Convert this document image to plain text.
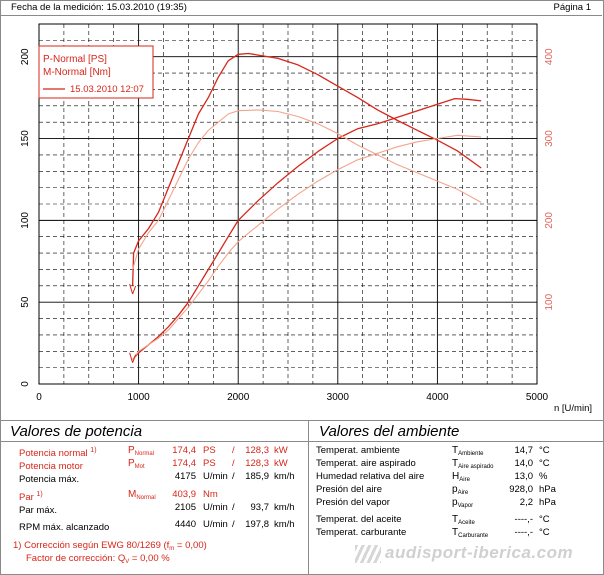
Fecha de la medición: 15.03.2010 (19:35)	Página 1
0	1000	2000	3000	4000	5000
n [U/min]
0
50
100
150
200
100
200
300
400
P-Normal [PS]
M-Normal [Nm]
15.03.2010 12:07
Valores de potencia
Potencia normal $^{1)}$	$P_{Normal}$	174,4 PS /	128,3 kW
Potencia motor	$P_{Mot}$	174,4 PS /	128,3 kW
Potencia máx.	4175 U/min /	185,9 km/h
Par $^{1)}$	$M_{Normal}$	403,9 Nm
Par máx.	2105 U/min /	93,7 km/h
RPM máx. alcanzado	4440 U/min /	197,8 km/h
1) Corrección según EWG 80/1269 $(f_m = 0,00)$
Factor de corrección: $Q_V = 0,00$ %
Valores del ambiente
Temperat. ambiente	$T_{Ambiente}$	14,7 °C
Temperat. aire aspirado	$T_{Aire aspirado}$	14,0 °C
Humedad relativa del aire	$H_{Aire}$	13,0 %
Presión del aire	$p_{Aire}$	928,0 hPa
Presión del vapor	$p_{Vapor}$	2,2 hPa
Temperat. del aceite	$T_{Aceite}$	----,- °C
Temperat. carburante	$T_{Carburante}$	----,- °C
audisport-iberica.com
